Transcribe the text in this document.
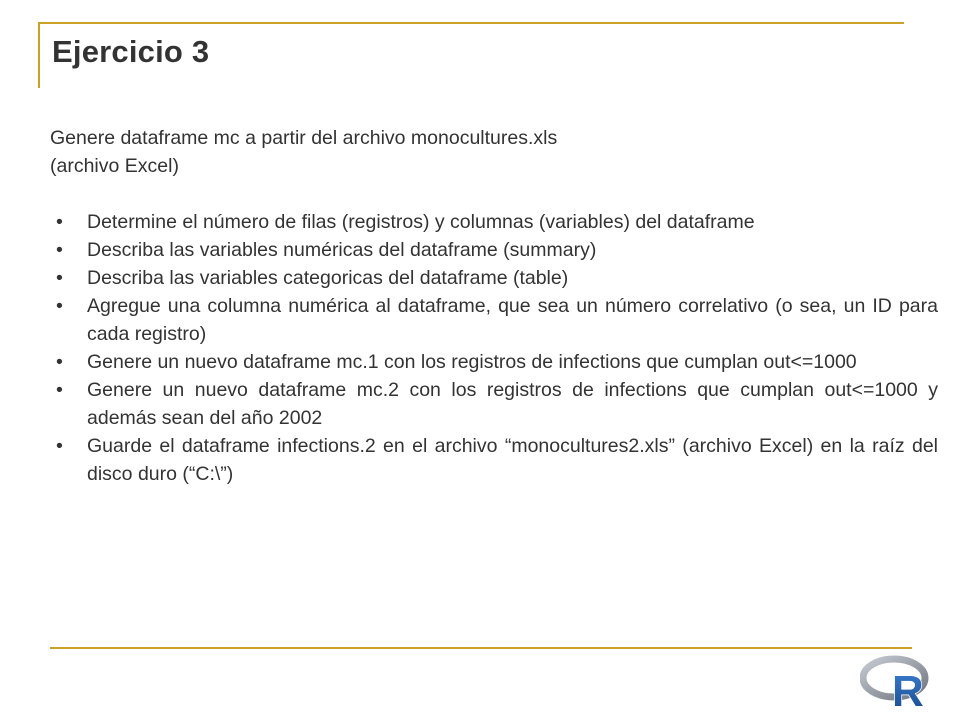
Ejercicio 3

Genere dataframe mc a partir del archivo monocultures.xls
(archivo Excel)

• Determine el número de filas (registros) y columnas (variables) del dataframe
• Describa las variables numéricas del dataframe (summary)
• Describa las variables categoricas del dataframe (table)
• Agregue una columna numérica al dataframe, que sea un número correlativo (o sea, un ID para cada registro)
• Genere un nuevo dataframe mc.1 con los registros de infections que cumplan out<=1000
• Genere un nuevo dataframe mc.2 con los registros de infections que cumplan out<=1000 y además sean del año 2002
• Guarde el dataframe infections.2 en el archivo “monocultures2.xls” (archivo Excel) en la raíz del disco duro (“C:\”)
R
